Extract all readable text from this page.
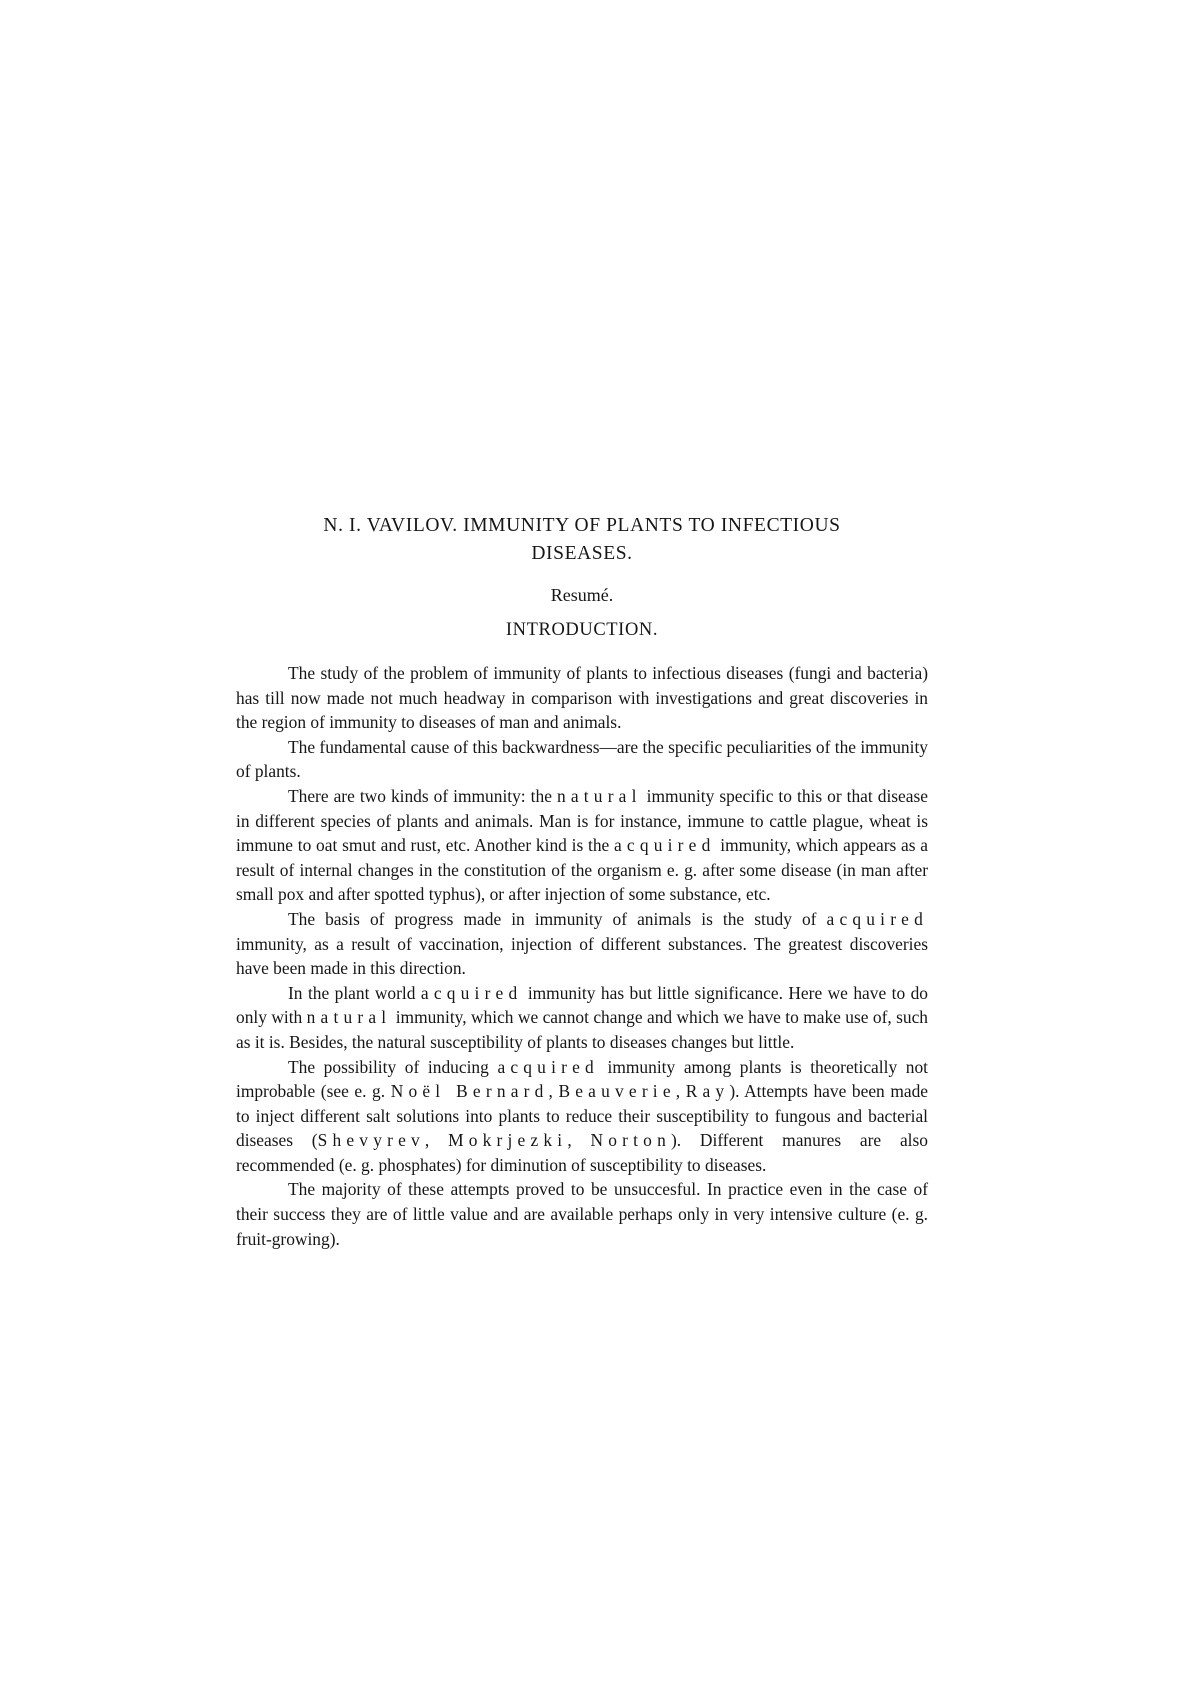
N. I. VAVILOV. IMMUNITY OF PLANTS TO INFECTIOUS
DISEASES.
Resumé.
INTRODUCTION.

The study of the problem of immunity of plants to infectious diseases (fungi and bacteria) has till now made not much headway in comparison with investigations and great discoveries in the region of immunity to diseases of man and animals.

The fundamental cause of this backwardness—are the specific peculiarities of the immunity of plants.

There are two kinds of immunity: the natural immunity specific to this or that disease in different species of plants and animals. Man is for instance, immune to cattle plague, wheat is immune to oat smut and rust, etc. Another kind is the acquired immunity, which appears as a result of internal changes in the constitution of the organism e. g. after some disease (in man after small pox and after spotted typhus), or after injection of some substance, etc.

The basis of progress made in immunity of animals is the study of acquired immunity, as a result of vaccination, injection of different substances. The greatest discoveries have been made in this direction.

In the plant world acquired immunity has but little significance. Here we have to do only with natural immunity, which we cannot change and which we have to make use of, such as it is. Besides, the natural susceptibility of plants to diseases changes but little.

The possibility of inducing acquired immunity among plants is theoretically not improbable (see e. g. Noël Bernard, Beauverie, Ray). Attempts have been made to inject different salt solutions into plants to reduce their susceptibility to fungous and bacterial diseases (Shevyrev, Mokrjezki, Norton). Different manures are also recommended (e. g. phosphates) for diminution of susceptibility to diseases.

The majority of these attempts proved to be unsuccesful. In practice even in the case of their success they are of little value and are available perhaps only in very intensive culture (e. g. fruit-growing).
